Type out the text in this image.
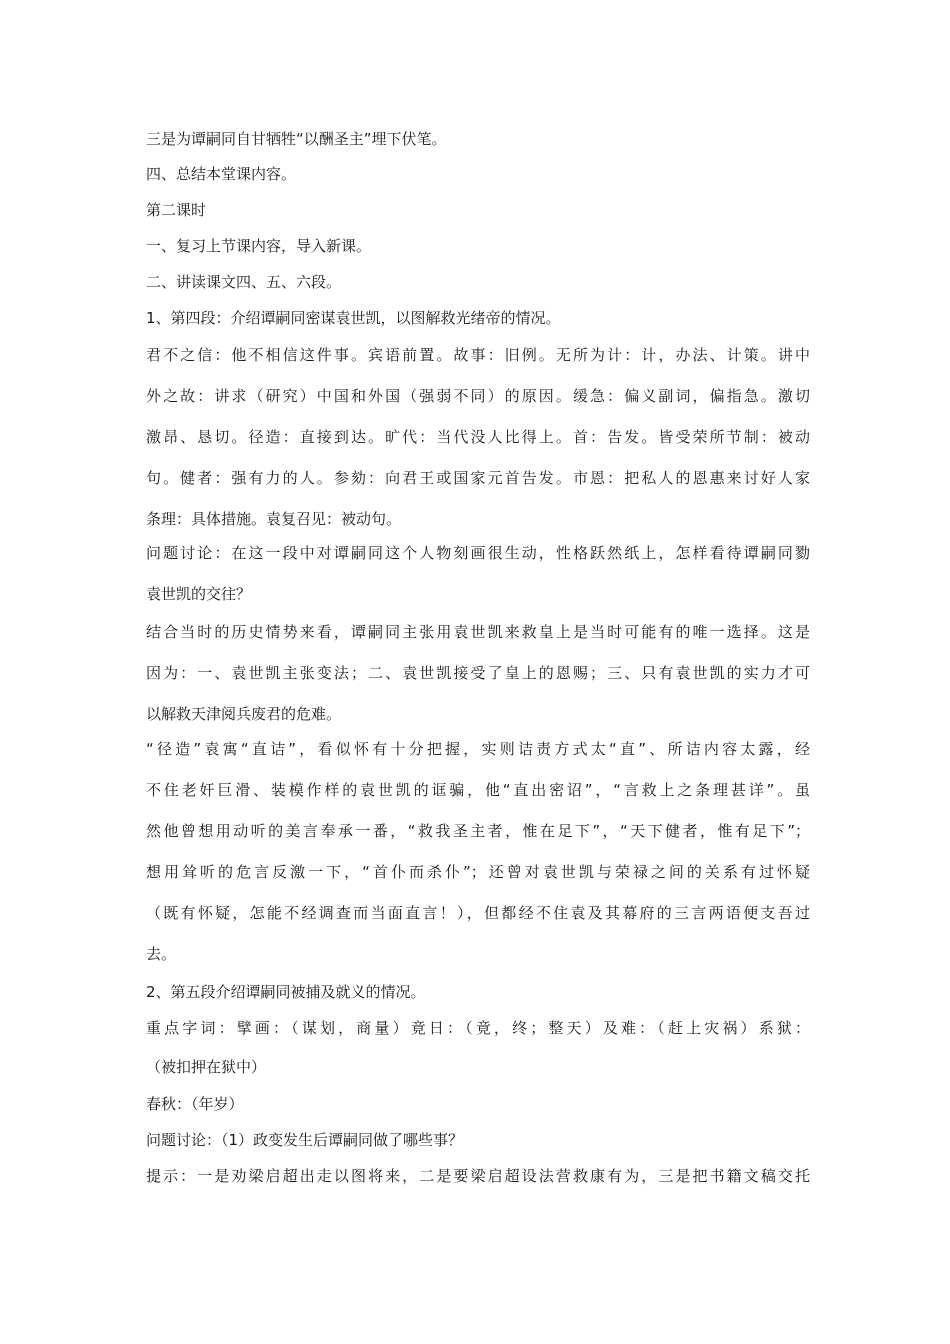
三是为谭嗣同自甘牺牲“以酬圣主”埋下伏笔。
四、总结本堂课内容。
第二课时
一、复习上节课内容，导入新课。
二、讲读课文四、五、六段。
1、第四段：介绍谭嗣同密谋袁世凯，以图解救光绪帝的情况。
君不之信：他不相信这件事。宾语前置。故事：旧例。无所为计：计，办法、计策。讲中
外之故：讲求（研究）中国和外国（强弱不同）的原因。缓急：偏义副词，偏指急。激切
激昂、恳切。径造：直接到达。旷代：当代没人比得上。首：告发。皆受荣所节制：被动
句。健者：强有力的人。参劾：向君王或国家元首告发。市恩：把私人的恩惠来讨好人家
条理：具体措施。袁复召见：被动句。
问题讨论：在这一段中对谭嗣同这个人物刻画很生动，性格跃然纸上，怎样看待谭嗣同勠
袁世凯的交往？
结合当时的历史情势来看，谭嗣同主张用袁世凯来救皇上是当时可能有的唯一选择。这是
因为：一、袁世凯主张变法；二、袁世凯接受了皇上的恩赐；三、只有袁世凯的实力才可
以解救天津阅兵废君的危难。
“径造”袁寓“直诘”，看似怀有十分把握，实则诘责方式太“直”、所诘内容太露，经
不住老奸巨滑、装模作样的袁世凯的诓骗，他“直出密诏”，“言救上之条理甚详”。虽
然他曾想用动听的美言奉承一番，“救我圣主者，惟在足下”，“天下健者，惟有足下”；
想用耸听的危言反激一下，“首仆而杀仆”；还曾对袁世凯与荣禄之间的关系有过怀疑
（既有怀疑，怎能不经调查而当面直言！），但都经不住袁及其幕府的三言两语便支吾过
去。
2、第五段介绍谭嗣同被捕及就义的情况。
重点字词：擘画：（谋划，商量）竟日：（竟，终；整天）及难：（赶上灾祸）系狱：
（被扣押在狱中）
春秋：（年岁）
问题讨论：（1）政变发生后谭嗣同做了哪些事？
提示：一是劝梁启超出走以图将来，二是要梁启超设法营救康有为，三是把书籍文稿交托
